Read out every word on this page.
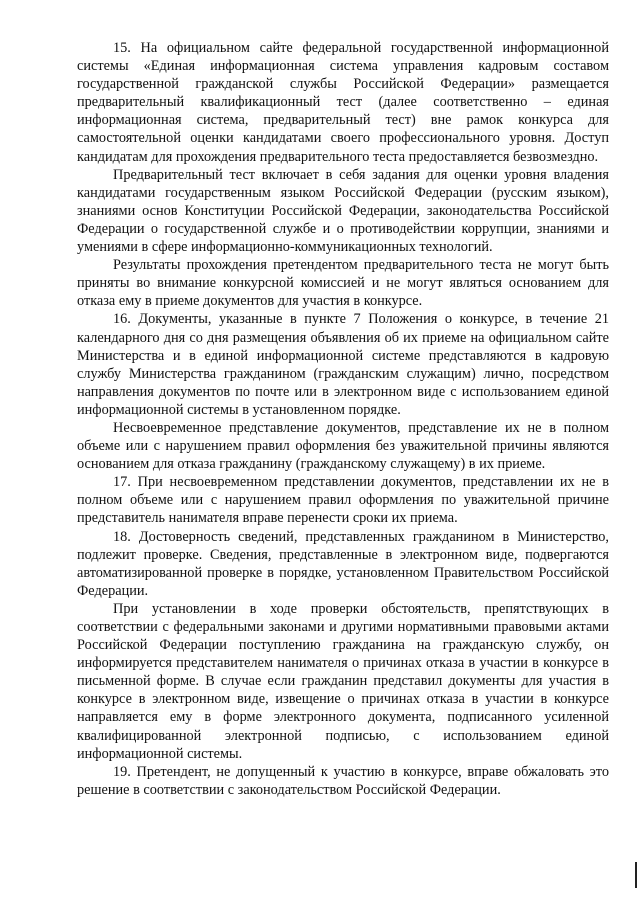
15. На официальном сайте федеральной государственной информационной системы «Единая информационная система управления кадровым составом государственной гражданской службы Российской Федерации» размещается предварительный квалификационный тест (далее соответственно – единая информационная система, предварительный тест) вне рамок конкурса для самостоятельной оценки кандидатами своего профессионального уровня. Доступ кандидатам для прохождения предварительного теста предоставляется безвозмездно.

Предварительный тест включает в себя задания для оценки уровня владения кандидатами государственным языком Российской Федерации (русским языком), знаниями основ Конституции Российской Федерации, законодательства Российской Федерации о государственной службе и о противодействии коррупции, знаниями и умениями в сфере информационно-коммуникационных технологий.

Результаты прохождения претендентом предварительного теста не могут быть приняты во внимание конкурсной комиссией и не могут являться основанием для отказа ему в приеме документов для участия в конкурсе.

16. Документы, указанные в пункте 7 Положения о конкурсе, в течение 21 календарного дня со дня размещения объявления об их приеме на официальном сайте Министерства и в единой информационной системе представляются в кадровую службу Министерства гражданином (гражданским служащим) лично, посредством направления документов по почте или в электронном виде с использованием единой информационной системы в установленном порядке.

Несвоевременное представление документов, представление их не в полном объеме или с нарушением правил оформления без уважительной причины являются основанием для отказа гражданину (гражданскому служащему) в их приеме.

17. При несвоевременном представлении документов, представлении их не в полном объеме или с нарушением правил оформления по уважительной причине представитель нанимателя вправе перенести сроки их приема.

18. Достоверность сведений, представленных гражданином в Министерство, подлежит проверке. Сведения, представленные в электронном виде, подвергаются автоматизированной проверке в порядке, установленном Правительством Российской Федерации.

При установлении в ходе проверки обстоятельств, препятствующих в соответствии с федеральными законами и другими нормативными правовыми актами Российской Федерации поступлению гражданина на гражданскую службу, он информируется представителем нанимателя о причинах отказа в участии в конкурсе в письменной форме. В случае если гражданин представил документы для участия в конкурсе в электронном виде, извещение о причинах отказа в участии в конкурсе направляется ему в форме электронного документа, подписанного усиленной квалифицированной электронной подписью, с использованием единой информационной системы.

19. Претендент, не допущенный к участию в конкурсе, вправе обжаловать это решение в соответствии с законодательством Российской Федерации.
